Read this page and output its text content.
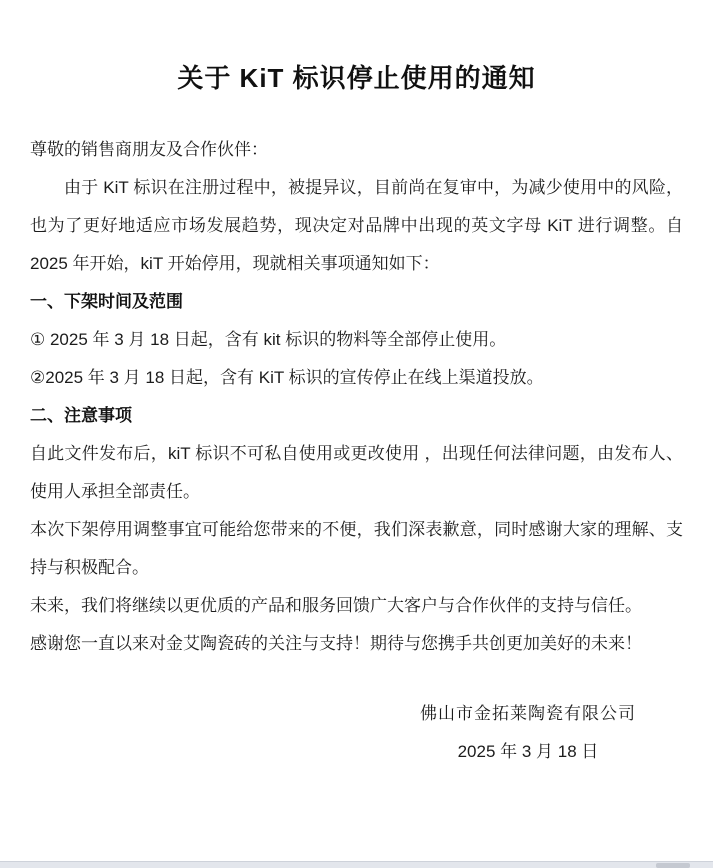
关于 KiT 标识停止使用的通知
尊敬的销售商朋友及合作伙伴：

由于 KiT 标识在注册过程中，被提异议，目前尚在复审中，为减少使用中的风险，也为了更好地适应市场发展趋势，现决定对品牌中出现的英文字母 KiT 进行调整。自 2025 年开始，kiT 开始停用，现就相关事项通知如下：

一、下架时间及范围
① 2025 年 3 月 18 日起，含有 kit 标识的物料等全部停止使用。
②2025 年 3 月 18 日起，含有 KiT 标识的宣传停止在线上渠道投放。
二、注意事项

自此文件发布后，kiT 标识不可私自使用或更改使用 ，出现任何法律问题，由发布人、使用人承担全部责任。

本次下架停用调整事宜可能给您带来的不便，我们深表歉意，同时感谢大家的理解、支持与积极配合。

未来，我们将继续以更优质的产品和服务回馈广大客户与合作伙伴的支持与信任。

感谢您一直以来对金艾陶瓷砖的关注与支持！期待与您携手共创更加美好的未来！

佛山市金拓莱陶瓷有限公司
2025 年 3 月 18 日
